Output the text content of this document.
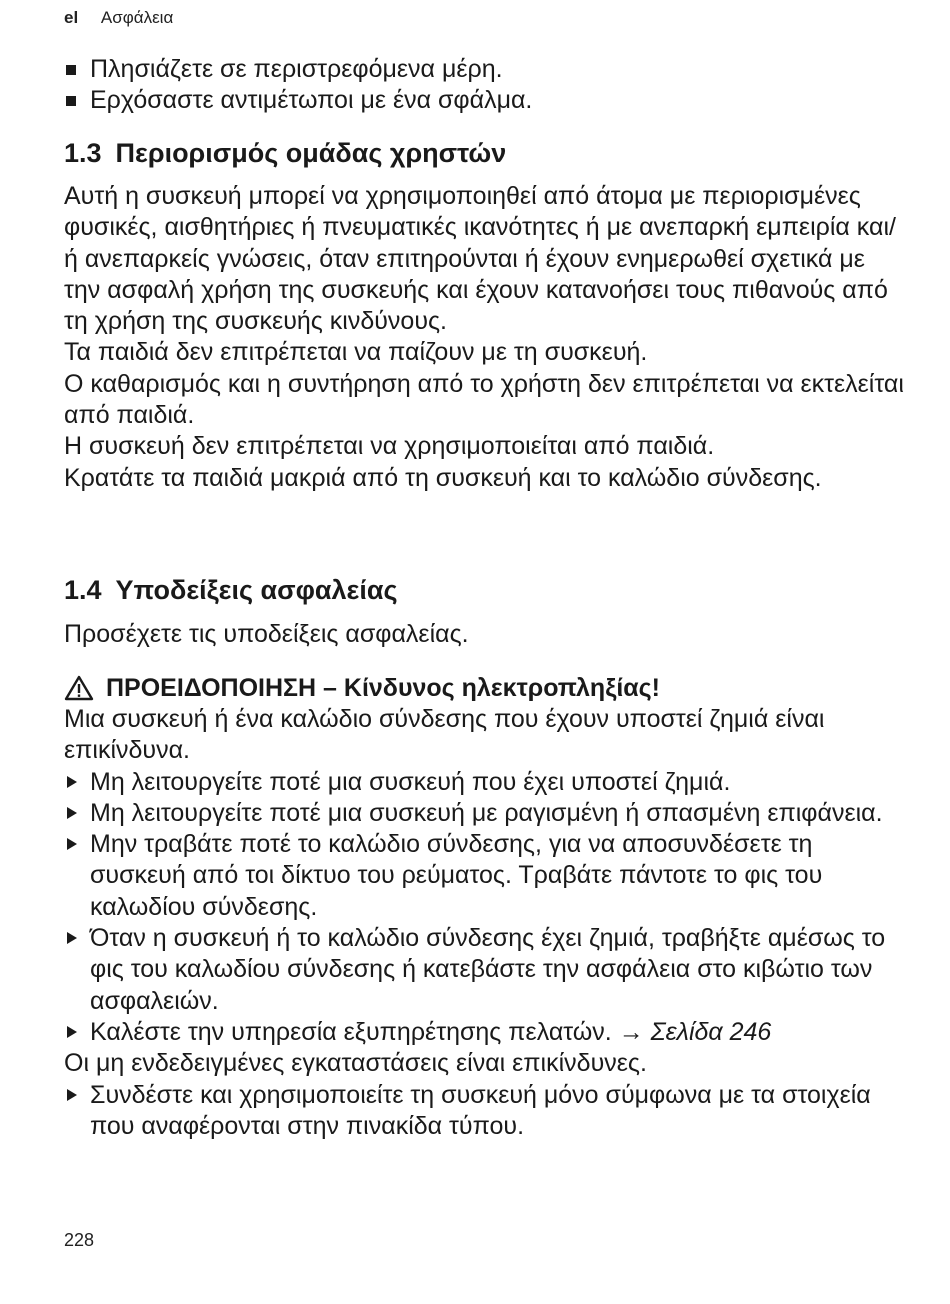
el Ασφάλεια
Πλησιάζετε σε περιστρεφόμενα μέρη.
Ερχόσαστε αντιμέτωποι με ένα σφάλμα.
1.3 Περιορισμός ομάδας χρηστών

Αυτή η συσκευή μπορεί να χρησιμοποιηθεί από άτομα με περιορισμένες φυσικές, αισθητήριες ή πνευματικές ικανότητες ή με ανεπαρκή εμπειρία και/ή ανεπαρκείς γνώσεις, όταν επιτηρούνται ή έχουν ενημερωθεί σχετικά με την ασφαλή χρήση της συσκευής και έχουν κατανοήσει τους πιθανούς από τη χρήση της συσκευής κινδύνους.

Τα παιδιά δεν επιτρέπεται να παίζουν με τη συσκευή.

Ο καθαρισμός και η συντήρηση από το χρήστη δεν επιτρέπεται να εκτελείται από παιδιά.

Η συσκευή δεν επιτρέπεται να χρησιμοποιείται από παιδιά.

Κρατάτε τα παιδιά μακριά από τη συσκευή και το καλώδιο σύνδεσης.

1.4 Υποδείξεις ασφαλείας

Προσέχετε τις υποδείξεις ασφαλείας.

ΠΡΟΕΙΔΟΠΟΙΗΣΗ – Κίνδυνος ηλεκτροπληξίας!

Μια συσκευή ή ένα καλώδιο σύνδεσης που έχουν υποστεί ζημιά είναι επικίνδυνα.

Μη λειτουργείτε ποτέ μια συσκευή που έχει υποστεί ζημιά.
Μη λειτουργείτε ποτέ μια συσκευή με ραγισμένη ή σπασμένη επιφάνεια.
Μην τραβάτε ποτέ το καλώδιο σύνδεσης, για να αποσυνδέσετε τη συσκευή από τοι δίκτυο του ρεύματος. Τραβάτε πάντοτε το φις του καλωδίου σύνδεσης.
Όταν η συσκευή ή το καλώδιο σύνδεσης έχει ζημιά, τραβήξτε αμέσως το φις του καλωδίου σύνδεσης ή κατεβάστε την ασφάλεια στο κιβώτιο των ασφαλειών.
Καλέστε την υπηρεσία εξυπηρέτησης πελατών. → Σελίδα 246

Οι μη ενδεδειγμένες εγκαταστάσεις είναι επικίνδυνες.

Συνδέστε και χρησιμοποιείτε τη συσκευή μόνο σύμφωνα με τα στοιχεία που αναφέρονται στην πινακίδα τύπου.
228
